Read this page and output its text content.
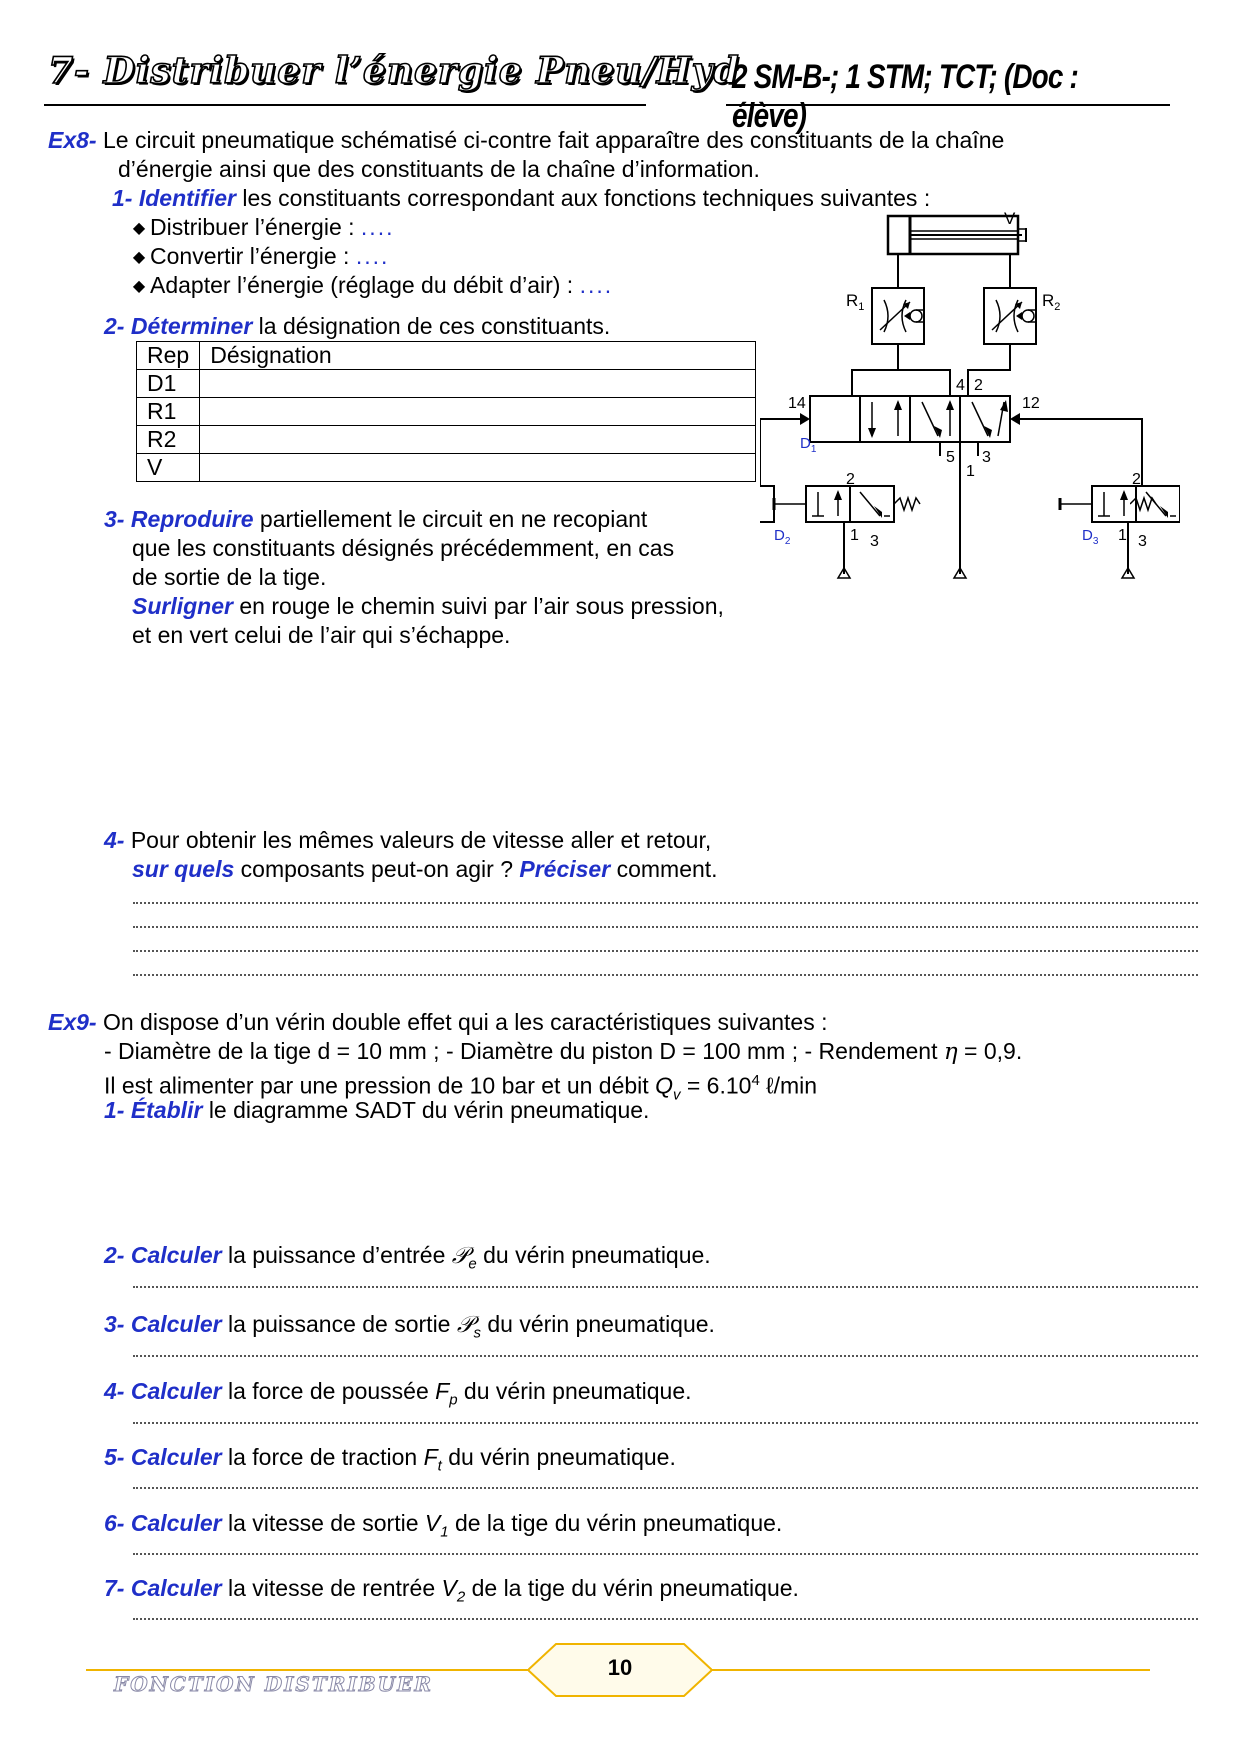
7- Distribuer l’énergie Pneu/Hyd
2 SM-B-; 1 STM; TCT; (Doc : élève)
Ex8- Le circuit pneumatique schématisé ci-contre fait apparaître des constituants de la chaîne
d’énergie ainsi que des constituants de la chaîne d’information.
1- Identifier les constituants correspondant aux fonctions techniques suivantes :
◆ Distribuer l’énergie : ....
◆ Convertir l’énergie : ....
◆ Adapter l’énergie (réglage du débit d’air) : ....
2- Déterminer la désignation de ces constituants.
Rep	Désignation
D1	
R1	
R2	
V	
3- Reproduire partiellement le circuit en ne recopiant
que les constituants désignés précédemment, en cas
de sortie de la tige.
Surligner en rouge le chemin suivi par l’air sous pression,
et en vert celui de l’air qui s’échappe.
V
$R_1$	$R_2$
14	12
4 2
$D_1$	5
1
3
2
$D_3$ 1 3
2
$D_2$	1 3
4- Pour obtenir les mêmes valeurs de vitesse aller et retour,
sur quels composants peut-on agir ? Préciser comment.
Ex9- On dispose d’un vérin double effet qui a les caractéristiques suivantes :
- Diamètre de la tige d = 10 mm ; - Diamètre du piston D = 100 mm ; - Rendement η = 0,9.
Il est alimenter par une pression de 10 bar et un débit $Q_v = 6.10^4$ ℓ/min
1- Établir le diagramme SADT du vérin pneumatique.
2- Calculer la puissance d’entrée 𝒫$_e$ du vérin pneumatique.
3- Calculer la puissance de sortie 𝒫$_s$ du vérin pneumatique.
4- Calculer la force de poussée $F_p$ du vérin pneumatique.
5- Calculer la force de traction $F_t$ du vérin pneumatique.
6- Calculer la vitesse de sortie $V_1$ de la tige du vérin pneumatique.
7- Calculer la vitesse de rentrée $V_2$ de la tige du vérin pneumatique.
10
FONCTION DISTRIBUER
